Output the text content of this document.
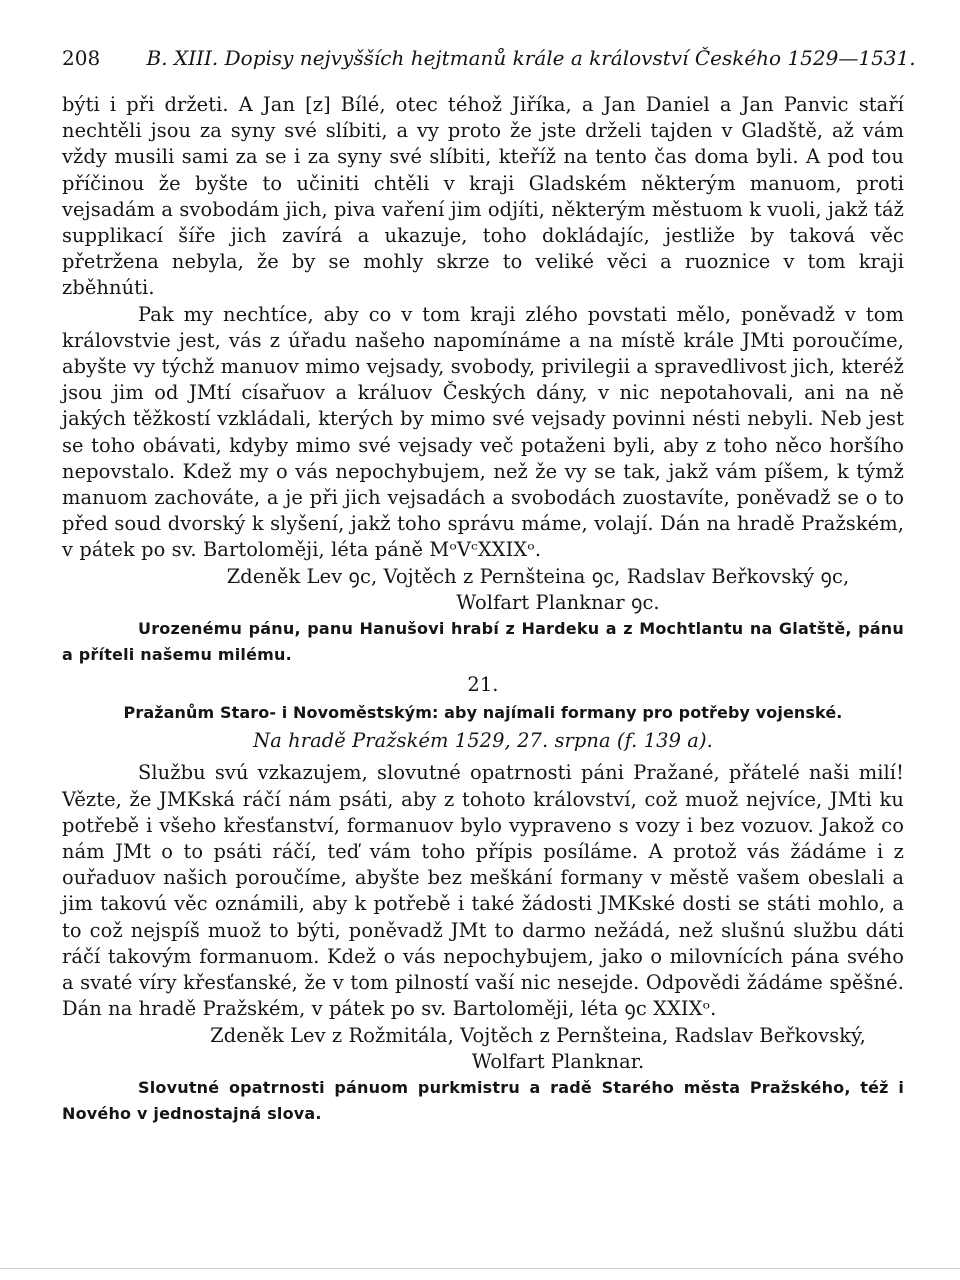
208 B. XIII. Dopisy nejvyšších hejtmanů krále a království Českého 1529—1531.

býti i při držeti. A Jan [z] Bílé, otec téhož Jiříka, a Jan Daniel a Jan Panvic staří nechtěli jsou za syny své slíbiti, a vy proto že jste drželi tajden v Gladště, až vám vždy musili sami za se i za syny své slíbiti, kteříž na tento čas doma byli. A pod tou příčinou že byšte to učiniti chtěli v kraji Gladském některým manuom, proti vejsadám a svobodám jich, piva vaření jim odjíti, některým městuom k vuoli, jakž táž supplikací šíře jich zavírá a ukazuje, toho dokládajíc, jestliže by taková věc přetržena nebyla, že by se mohly skrze to veliké věci a ruoznice v tom kraji zběhnúti.

Pak my nechtíce, aby co v tom kraji zlého povstati mělo, poněvadž v tom královstvie jest, vás z úřadu našeho napomínáme a na místě krále JMti poroučíme, abyšte vy týchž manuov mimo vejsady, svobody, privilegii a spravedlivost jich, kteréž jsou jim od JMtí císařuov a králuov Českých dány, v nic nepotahovali, ani na ně jakých těžkostí vzkládali, kterých by mimo své vejsady povinni nésti nebyli. Neb jest se toho obávati, kdyby mimo své vejsady več potaženi byli, aby z toho něco horšího nepovstalo. Kdež my o vás nepochybujem, než že vy se tak, jakž vám píšem, k týmž manuom zachováte, a je při jich vejsadách a svobodách zuostavíte, poněvadž se o to před soud dvorský k slyšení, jakž toho správu máme, volají. Dán na hradě Pražském, v pátek po sv. Bartoloměji, léta páně MᵒVᶜXXIXᵒ.

Zdeněk Lev ꝯc, Vojtěch z Pernšteina ꝯc, Radslav Beřkovský ꝯc,

Wolfart Planknar ꝯc.

Urozenému pánu, panu Hanušovi hrabí z Hardeku a z Mochtlantu na Glatště, pánu a příteli našemu milému.

21.

Pražanům Staro- i Novoměstským: aby najímali formany pro potřeby vojenské.

Na hradě Pražském 1529, 27. srpna (f. 139 a).

Službu svú vzkazujem, slovutné opatrnosti páni Pražané, přátelé naši milí! Vězte, že JMKská ráčí nám psáti, aby z tohoto království, což muož nejvíce, JMti ku potřebě i všeho křesťanství, formanuov bylo vypraveno s vozy i bez vozuov. Jakož co nám JMt o to psáti ráčí, teď vám toho přípis posíláme. A protož vás žádáme i z ouřaduov našich poroučíme, abyšte bez meškání formany v městě vašem obeslali a jim takovú věc oznámili, aby k potřebě i také žádosti JMKské dosti se státi mohlo, a to což nejspíš muož to býti, poněvadž JMt to darmo nežádá, než slušnú službu dáti ráčí takovým formanuom. Kdež o vás nepochybujem, jako o milovnících pána svého a svaté víry křesťanské, že v tom pilností vaší nic nesejde. Odpovědi žádáme spěšné. Dán na hradě Pražském, v pátek po sv. Bartoloměji, léta ꝯc XXIXᵒ.

Zdeněk Lev z Rožmitála, Vojtěch z Pernšteina, Radslav Beřkovský,

Wolfart Planknar.

Slovutné opatrnosti pánuom purkmistru a radě Starého města Pražského, též i Nového v jednostajná slova.
